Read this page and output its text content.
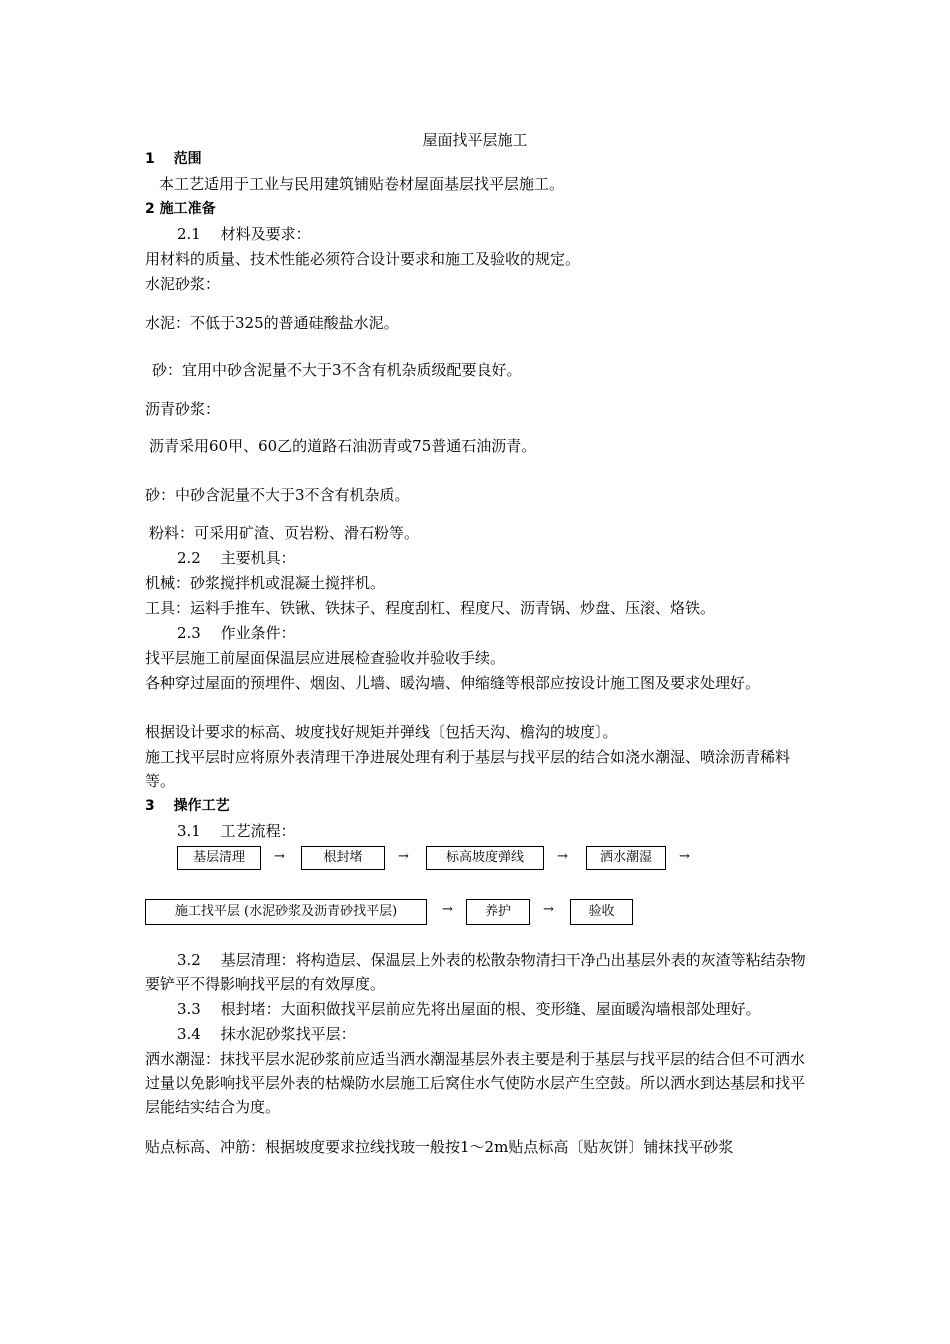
屋面找平层施工
1　 范围
本工艺适用于工业与民用建筑铺贴卷材屋面基层找平层施工。
2 施工准备
2.1　 材料及要求：
用材料的质量、技术性能必须符合设计要求和施工及验收的规定。
水泥砂浆：
水泥：不低于325的普通硅酸盐水泥。
砂：宜用中砂含泥量不大于3不含有机杂质级配要良好。
沥青砂浆：
沥青采用60甲、60乙的道路石油沥青或75普通石油沥青。
砂：中砂含泥量不大于3不含有机杂质。
粉料：可采用矿渣、页岩粉、滑石粉等。
2.2　 主要机具：
机械：砂浆搅拌机或混凝土搅拌机。
工具：运料手推车、铁锹、铁抹子、程度刮杠、程度尺、沥青锅、炒盘、压滚、烙铁。
2.3　 作业条件：
找平层施工前屋面保温层应进展检查验收并验收手续。
各种穿过屋面的预埋件、烟囱、儿墙、暖沟墙、伸缩缝等根部应按设计施工图及要求处理好。
根据设计要求的标高、坡度找好规矩并弹线〔包括天沟、檐沟的坡度〕。
施工找平层时应将原外表清理干净进展处理有利于基层与找平层的结合如浇水潮湿、喷涂沥青稀料等。
3　 操作工艺
3.1　 工艺流程：
基层清理	→	根封堵	→	标高坡度弹线	→	洒水潮湿	→
施工找平层 (水泥砂浆及沥青砂找平层)	→	养护	→	验收
3.2　 基层清理：将构造层、保温层上外表的松散杂物清扫干净凸出基层外表的灰渣等粘结杂物要铲平不得影响找平层的有效厚度。
3.3　 根封堵：大面积做找平层前应先将出屋面的根、变形缝、屋面暖沟墙根部处理好。
3.4　 抹水泥砂浆找平层：
洒水潮湿：抹找平层水泥砂浆前应适当洒水潮湿基层外表主要是利于基层与找平层的结合但不可洒水过量以免影响找平层外表的枯燥防水层施工后窝住水气使防水层产生空鼓。所以洒水到达基层和找平层能结实结合为度。
贴点标高、冲筋：根据坡度要求拉线找玻一般按1～2m贴点标高〔贴灰饼〕铺抹找平砂浆
